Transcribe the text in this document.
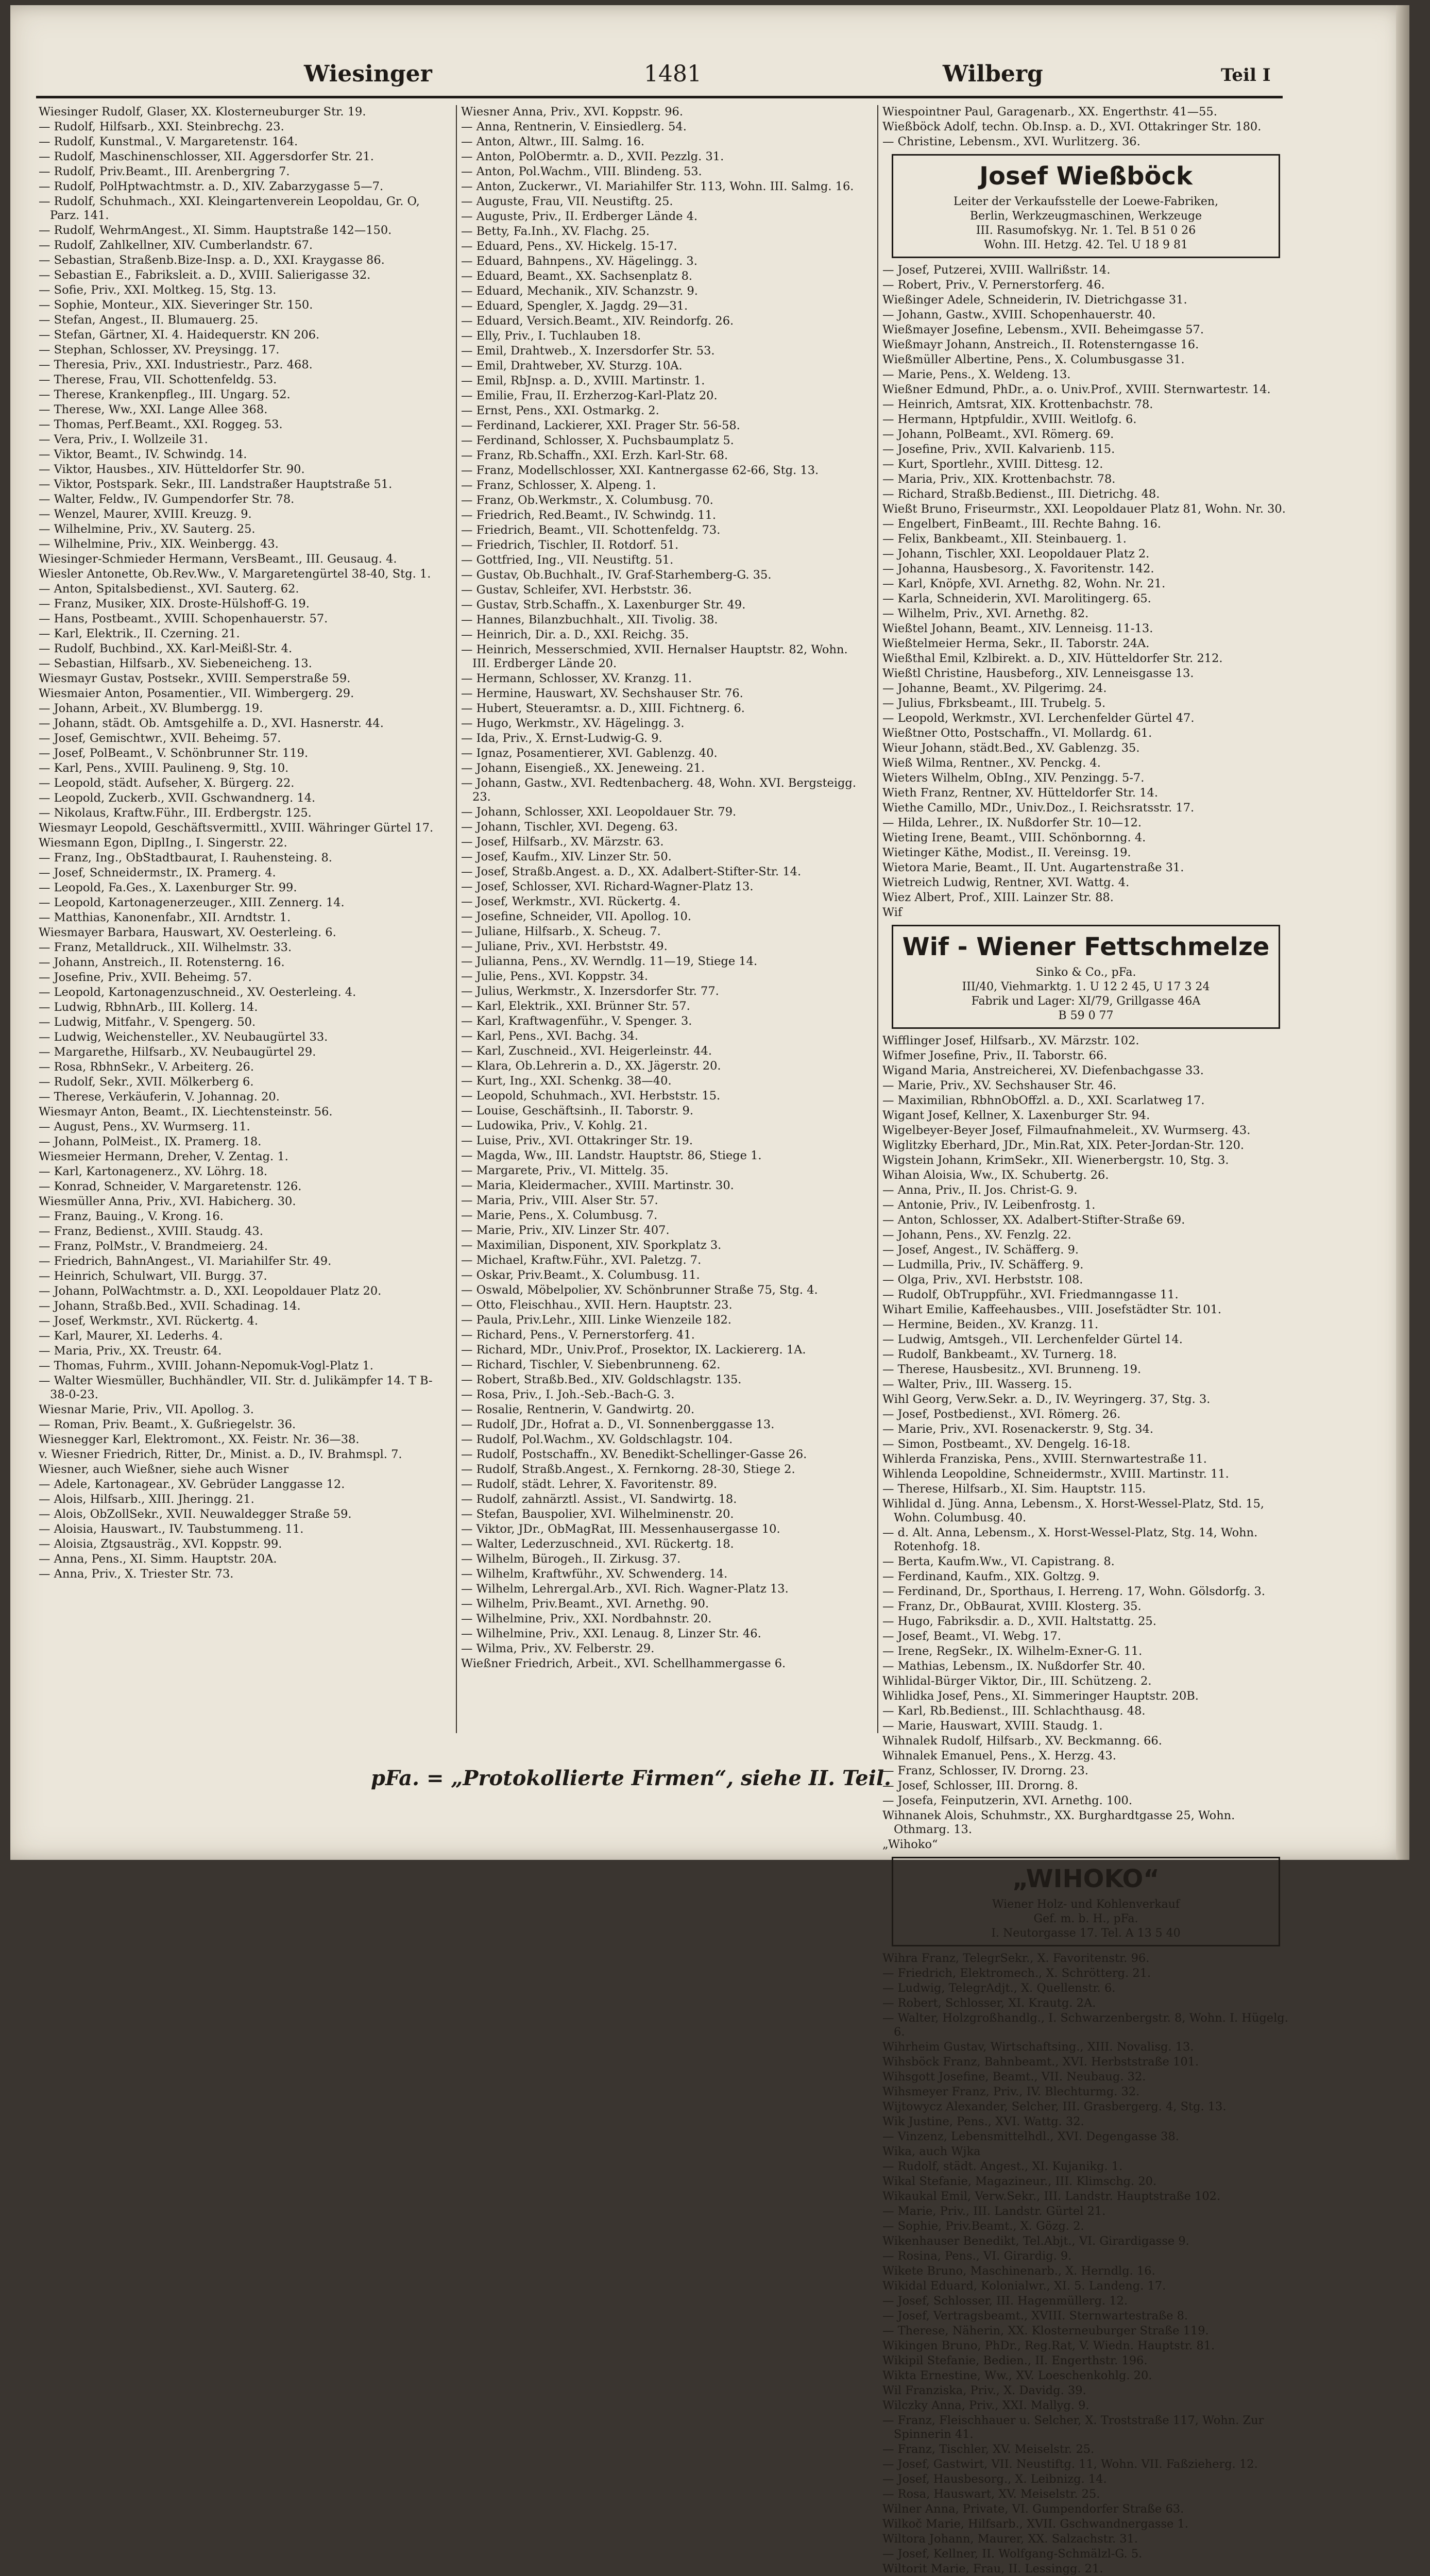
Wiesinger	1481	Wilberg	Teil I

Wiesinger Rudolf, Glaser, XX. Klosterneuburger Str. 19.

— Rudolf, Hilfsarb., XXI. Steinbrechg. 23.

— Rudolf, Kunstmal., V. Margaretenstr. 164.

— Rudolf, Maschinenschlosser, XII. Aggersdorfer Str. 21.

— Rudolf, Priv.Beamt., III. Arenbergring 7.

— Rudolf, PolHptwachtmstr. a. D., XIV. Zabarzygasse 5—7.

— Rudolf, Schuhmach., XXI. Kleingartenverein Leopoldau, Gr. O, Parz. 141.

— Rudolf, WehrmAngest., XI. Simm. Hauptstraße 142—150.

— Rudolf, Zahlkellner, XIV. Cumberlandstr. 67.

— Sebastian, Straßenb.Bize-Insp. a. D., XXI. Kraygasse 86.

— Sebastian E., Fabriksleit. a. D., XVIII. Salierigasse 32.

— Sofie, Priv., XXI. Moltkeg. 15, Stg. 13.

— Sophie, Monteur., XIX. Sieveringer Str. 150.

— Stefan, Angest., II. Blumauerg. 25.

— Stefan, Gärtner, XI. 4. Haidequerstr. KN 206.

— Stephan, Schlosser, XV. Preysingg. 17.

— Theresia, Priv., XXI. Industriestr., Parz. 468.

— Therese, Frau, VII. Schottenfeldg. 53.

— Therese, Krankenpfleg., III. Ungarg. 52.

— Therese, Ww., XXI. Lange Allee 368.

— Thomas, Perf.Beamt., XXI. Roggeg. 53.

— Vera, Priv., I. Wollzeile 31.

— Viktor, Beamt., IV. Schwindg. 14.

— Viktor, Hausbes., XIV. Hütteldorfer Str. 90.

— Viktor, Postspark. Sekr., III. Landstraßer Hauptstraße 51.

— Walter, Feldw., IV. Gumpendorfer Str. 78.

— Wenzel, Maurer, XVIII. Kreuzg. 9.

— Wilhelmine, Priv., XV. Sauterg. 25.

— Wilhelmine, Priv., XIX. Weinbergg. 43.

Wiesinger-Schmieder Hermann, VersBeamt., III. Geusaug. 4.

Wiesler Antonette, Ob.Rev.Ww., V. Margaretengürtel 38-40, Stg. 1.

— Anton, Spitalsbedienst., XVI. Sauterg. 62.

— Franz, Musiker, XIX. Droste-Hülshoff-G. 19.

— Hans, Postbeamt., XVIII. Schopenhauerstr. 57.

— Karl, Elektrik., II. Czerning. 21.

— Rudolf, Buchbind., XX. Karl-Meißl-Str. 4.

— Sebastian, Hilfsarb., XV. Siebeneicheng. 13.

Wiesmayr Gustav, Postsekr., XVIII. Semperstraße 59.

Wiesmaier Anton, Posamentier., VII. Wimbergerg. 29.

— Johann, Arbeit., XV. Blumbergg. 19.

— Johann, städt. Ob. Amtsgehilfe a. D., XVI. Hasnerstr. 44.

— Josef, Gemischtwr., XVII. Beheimg. 57.

— Josef, PolBeamt., V. Schönbrunner Str. 119.

— Karl, Pens., XVIII. Paulineng. 9, Stg. 10.

— Leopold, städt. Aufseher, X. Bürgerg. 22.

— Leopold, Zuckerb., XVII. Gschwandnerg. 14.

— Nikolaus, Kraftw.Führ., III. Erdbergstr. 125.

Wiesmayr Leopold, Geschäftsvermittl., XVIII. Währinger Gürtel 17.

Wiesmann Egon, DiplIng., I. Singerstr. 22.

— Franz, Ing., ObStadtbaurat, I. Rauhensteing. 8.

— Josef, Schneidermstr., IX. Pramerg. 4.

— Leopold, Fa.Ges., X. Laxenburger Str. 99.

— Leopold, Kartonagenerzeuger., XIII. Zennerg. 14.

— Matthias, Kanonenfabr., XII. Arndtstr. 1.

Wiesmayer Barbara, Hauswart, XV. Oesterleing. 6.

— Franz, Metalldruck., XII. Wilhelmstr. 33.

— Johann, Anstreich., II. Rotensterng. 16.

— Josefine, Priv., XVII. Beheimg. 57.

— Leopold, Kartonagenzuschneid., XV. Oesterleing. 4.

— Ludwig, RbhnArb., III. Kollerg. 14.

— Ludwig, Mitfahr., V. Spengerg. 50.

— Ludwig, Weichensteller., XV. Neubaugürtel 33.

— Margarethe, Hilfsarb., XV. Neubaugürtel 29.

— Rosa, RbhnSekr., V. Arbeiterg. 26.

— Rudolf, Sekr., XVII. Mölkerberg 6.

— Therese, Verkäuferin, V. Johannag. 20.

Wiesmayr Anton, Beamt., IX. Liechtensteinstr. 56.

— August, Pens., XV. Wurmserg. 11.

— Johann, PolMeist., IX. Pramerg. 18.

Wiesmeier Hermann, Dreher, V. Zentag. 1.

— Karl, Kartonagenerz., XV. Löhrg. 18.

— Konrad, Schneider, V. Margaretenstr. 126.

Wiesmüller Anna, Priv., XVI. Habicherg. 30.

— Franz, Bauing., V. Krong. 16.

— Franz, Bedienst., XVIII. Staudg. 43.

— Franz, PolMstr., V. Brandmeierg. 24.

— Friedrich, BahnAngest., VI. Mariahilfer Str. 49.

— Heinrich, Schulwart, VII. Burgg. 37.

— Johann, PolWachtmstr. a. D., XXI. Leopoldauer Platz 20.

— Johann, Straßb.Bed., XVII. Schadinag. 14.

— Josef, Werkmstr., XVI. Rückertg. 4.

— Karl, Maurer, XI. Lederhs. 4.

— Maria, Priv., XX. Treustr. 64.

— Thomas, Fuhrm., XVIII. Johann-Nepomuk-Vogl-Platz 1.

— Walter Wiesmüller, Buchhändler, VII. Str. d. Julikämpfer 14. T B-38-0-23.

Wiesnar Marie, Priv., VII. Apollog. 3.

— Roman, Priv. Beamt., X. Gußriegelstr. 36.

Wiesnegger Karl, Elektromont., XX. Feistr. Nr. 36—38.

v. Wiesner Friedrich, Ritter, Dr., Minist. a. D., IV. Brahmspl. 7.

Wiesner, auch Wießner, siehe auch Wisner

— Adele, Kartonagear., XV. Gebrüder Langgasse 12.

— Alois, Hilfsarb., XIII. Jheringg. 21.

— Alois, ObZollSekr., XVII. Neuwaldegger Straße 59.

— Aloisia, Hauswart., IV. Taubstummeng. 11.

— Aloisia, Ztgsausträg., XVI. Koppstr. 99.

— Anna, Pens., XI. Simm. Hauptstr. 20A.

— Anna, Priv., X. Triester Str. 73.

Wiesner Anna, Priv., XVI. Koppstr. 96.

— Anna, Rentnerin, V. Einsiedlerg. 54.

— Anton, Altwr., III. Salmg. 16.

— Anton, PolObermtr. a. D., XVII. Pezzlg. 31.

— Anton, Pol.Wachm., VIII. Blindeng. 53.

— Anton, Zuckerwr., VI. Mariahilfer Str. 113, Wohn. III. Salmg. 16.

— Auguste, Frau, VII. Neustiftg. 25.

— Auguste, Priv., II. Erdberger Lände 4.

— Betty, Fa.Inh., XV. Flachg. 25.

— Eduard, Pens., XV. Hickelg. 15-17.

— Eduard, Bahnpens., XV. Hägelingg. 3.

— Eduard, Beamt., XX. Sachsenplatz 8.

— Eduard, Mechanik., XIV. Schanzstr. 9.

— Eduard, Spengler, X. Jagdg. 29—31.

— Eduard, Versich.Beamt., XIV. Reindorfg. 26.

— Elly, Priv., I. Tuchlauben 18.

— Emil, Drahtweb., X. Inzersdorfer Str. 53.

— Emil, Drahtweber, XV. Sturzg. 10A.

— Emil, RbJnsp. a. D., XVIII. Martinstr. 1.

— Emilie, Frau, II. Erzherzog-Karl-Platz 20.

— Ernst, Pens., XXI. Ostmarkg. 2.

— Ferdinand, Lackierer, XXI. Prager Str. 56-58.

— Ferdinand, Schlosser, X. Puchsbaumplatz 5.

— Franz, Rb.Schaffn., XXI. Erzh. Karl-Str. 68.

— Franz, Modellschlosser, XXI. Kantnergasse 62-66, Stg. 13.

— Franz, Schlosser, X. Alpeng. 1.

— Franz, Ob.Werkmstr., X. Columbusg. 70.

— Friedrich, Red.Beamt., IV. Schwindg. 11.

— Friedrich, Beamt., VII. Schottenfeldg. 73.

— Friedrich, Tischler, II. Rotdorf. 51.

— Gottfried, Ing., VII. Neustiftg. 51.

— Gustav, Ob.Buchhalt., IV. Graf-Starhemberg-G. 35.

— Gustav, Schleifer, XVI. Herbststr. 36.

— Gustav, Strb.Schaffn., X. Laxenburger Str. 49.

— Hannes, Bilanzbuchhalt., XII. Tivolig. 38.

— Heinrich, Dir. a. D., XXI. Reichg. 35.

— Heinrich, Messerschmied, XVII. Hernalser Hauptstr. 82, Wohn. III. Erdberger Lände 20.

— Hermann, Schlosser, XV. Kranzg. 11.

— Hermine, Hauswart, XV. Sechshauser Str. 76.

— Hubert, Steueramtsr. a. D., XIII. Fichtnerg. 6.

— Hugo, Werkmstr., XV. Hägelingg. 3.

— Ida, Priv., X. Ernst-Ludwig-G. 9.

— Ignaz, Posamentierer, XVI. Gablenzg. 40.

— Johann, Eisengieß., XX. Jeneweing. 21.

— Johann, Gastw., XVI. Redtenbacherg. 48, Wohn. XVI. Bergsteigg. 23.

— Johann, Schlosser, XXI. Leopoldauer Str. 79.

— Johann, Tischler, XVI. Degeng. 63.

— Josef, Hilfsarb., XV. Märzstr. 63.

— Josef, Kaufm., XIV. Linzer Str. 50.

— Josef, Straßb.Angest. a. D., XX. Adalbert-Stifter-Str. 14.

— Josef, Schlosser, XVI. Richard-Wagner-Platz 13.

— Josef, Werkmstr., XVI. Rückertg. 4.

— Josefine, Schneider, VII. Apollog. 10.

— Juliane, Hilfsarb., X. Scheug. 7.

— Juliane, Priv., XVI. Herbststr. 49.

— Julianna, Pens., XV. Werndlg. 11—19, Stiege 14.

— Julie, Pens., XVI. Koppstr. 34.

— Julius, Werkmstr., X. Inzersdorfer Str. 77.

— Karl, Elektrik., XXI. Brünner Str. 57.

— Karl, Kraftwagenführ., V. Spenger. 3.

— Karl, Pens., XVI. Bachg. 34.

— Karl, Zuschneid., XVI. Heigerleinstr. 44.

— Klara, Ob.Lehrerin a. D., XX. Jägerstr. 20.

— Kurt, Ing., XXI. Schenkg. 38—40.

— Leopold, Schuhmach., XVI. Herbststr. 15.

— Louise, Geschäftsinh., II. Taborstr. 9.

— Ludowika, Priv., V. Kohlg. 21.

— Luise, Priv., XVI. Ottakringer Str. 19.

— Magda, Ww., III. Landstr. Hauptstr. 86, Stiege 1.

— Margarete, Priv., VI. Mittelg. 35.

— Maria, Kleidermacher., XVIII. Martinstr. 30.

— Maria, Priv., VIII. Alser Str. 57.

— Marie, Pens., X. Columbusg. 7.

— Marie, Priv., XIV. Linzer Str. 407.

— Maximilian, Disponent, XIV. Sporkplatz 3.

— Michael, Kraftw.Führ., XVI. Paletzg. 7.

— Oskar, Priv.Beamt., X. Columbusg. 11.

— Oswald, Möbelpolier, XV. Schönbrunner Straße 75, Stg. 4.

— Otto, Fleischhau., XVII. Hern. Hauptstr. 23.

— Paula, Priv.Lehr., XIII. Linke Wienzeile 182.

— Richard, Pens., V. Pernerstorferg. 41.

— Richard, MDr., Univ.Prof., Prosektor, IX. Lackiererg. 1A.

— Richard, Tischler, V. Siebenbrunneng. 62.

— Robert, Straßb.Bed., XIV. Goldschlagstr. 135.

— Rosa, Priv., I. Joh.-Seb.-Bach-G. 3.

— Rosalie, Rentnerin, V. Gandwirtg. 20.

— Rudolf, JDr., Hofrat a. D., VI. Sonnenberggasse 13.

— Rudolf, Pol.Wachm., XV. Goldschlagstr. 104.

— Rudolf, Postschaffn., XV. Benedikt-Schellinger-Gasse 26.

— Rudolf, Straßb.Angest., X. Fernkorng. 28-30, Stiege 2.

— Rudolf, städt. Lehrer, X. Favoritenstr. 89.

— Rudolf, zahnärztl. Assist., VI. Sandwirtg. 18.

— Stefan, Bauspolier, XVI. Wilhelminenstr. 20.

— Viktor, JDr., ObMagRat, III. Messenhausergasse 10.

— Walter, Lederzuschneid., XVI. Rückertg. 18.

— Wilhelm, Bürogeh., II. Zirkusg. 37.

— Wilhelm, Kraftwführ., XV. Schwenderg. 14.

— Wilhelm, Lehrergal.Arb., XVI. Rich. Wagner-Platz 13.

— Wilhelm, Priv.Beamt., XVI. Arnethg. 90.

— Wilhelmine, Priv., XXI. Nordbahnstr. 20.

— Wilhelmine, Priv., XXI. Lenaug. 8, Linzer Str. 46.

— Wilma, Priv., XV. Felberstr. 29.

Wießner Friedrich, Arbeit., XVI. Schellhammergasse 6.

Wiespointner Paul, Garagenarb., XX. Engerthstr. 41—55.

Wießböck Adolf, techn. Ob.Insp. a. D., XVI. Ottakringer Str. 180.

— Christine, Lebensm., XVI. Wurlitzerg. 36.

Josef Wießböck
Leiter der Verkaufsstelle der Loewe-Fabriken,
Berlin, Werkzeugmaschinen, Werkzeuge
III. Rasumofskyg. Nr. 1. Tel. B 51 0 26
Wohn. III. Hetzg. 42. Tel. U 18 9 81

— Josef, Putzerei, XVIII. Wallrißstr. 14.

— Robert, Priv., V. Pernerstorferg. 46.

Wießinger Adele, Schneiderin, IV. Dietrichgasse 31.

— Johann, Gastw., XVIII. Schopenhauerstr. 40.

Wießmayer Josefine, Lebensm., XVII. Beheimgasse 57.

Wießmayr Johann, Anstreich., II. Rotensterngasse 16.

Wießmüller Albertine, Pens., X. Columbusgasse 31.

— Marie, Pens., X. Weldeng. 13.

Wießner Edmund, PhDr., a. o. Univ.Prof., XVIII. Sternwartestr. 14.

— Heinrich, Amtsrat, XIX. Krottenbachstr. 78.

— Hermann, Hptpfuldir., XVIII. Weitlofg. 6.

— Johann, PolBeamt., XVI. Römerg. 69.

— Josefine, Priv., XVII. Kalvarienb. 115.

— Kurt, Sportlehr., XVIII. Dittesg. 12.

— Maria, Priv., XIX. Krottenbachstr. 78.

— Richard, Straßb.Bedienst., III. Dietrichg. 48.

Wießt Bruno, Friseurmstr., XXI. Leopoldauer Platz 81, Wohn. Nr. 30.

— Engelbert, FinBeamt., III. Rechte Bahng. 16.

— Felix, Bankbeamt., XII. Steinbauerg. 1.

— Johann, Tischler, XXI. Leopoldauer Platz 2.

— Johanna, Hausbesorg., X. Favoritenstr. 142.

— Karl, Knöpfe, XVI. Arnethg. 82, Wohn. Nr. 21.

— Karla, Schneiderin, XVI. Marolitingerg. 65.

— Wilhelm, Priv., XVI. Arnethg. 82.

Wießtel Johann, Beamt., XIV. Lenneisg. 11-13.

Wießtelmeier Herma, Sekr., II. Taborstr. 24A.

Wießthal Emil, Kzlbirekt. a. D., XIV. Hütteldorfer Str. 212.

Wießtl Christine, Hausbeforg., XIV. Lenneisgasse 13.

— Johanne, Beamt., XV. Pilgerimg. 24.

— Julius, Fbrksbeamt., III. Trubelg. 5.

— Leopold, Werkmstr., XVI. Lerchenfelder Gürtel 47.

Wießtner Otto, Postschaffn., VI. Mollardg. 61.

Wieur Johann, städt.Bed., XV. Gablenzg. 35.

Wieß Wilma, Rentner., XV. Penckg. 4.

Wieters Wilhelm, ObIng., XIV. Penzingg. 5-7.

Wieth Franz, Rentner, XV. Hütteldorfer Str. 14.

Wiethe Camillo, MDr., Univ.Doz., I. Reichsratsstr. 17.

— Hilda, Lehrer., IX. Nußdorfer Str. 10—12.

Wieting Irene, Beamt., VIII. Schönbornng. 4.

Wietinger Käthe, Modist., II. Vereinsg. 19.

Wietora Marie, Beamt., II. Unt. Augartenstraße 31.

Wietreich Ludwig, Rentner, XVI. Wattg. 4.

Wiez Albert, Prof., XIII. Lainzer Str. 88.

Wif

Wif - Wiener Fettschmelze
Sinko & Co., pFa.
III/40, Viehmarktg. 1. U 12 2 45, U 17 3 24
Fabrik und Lager: XI/79, Grillgasse 46A
B 59 0 77

Wifflinger Josef, Hilfsarb., XV. Märzstr. 102.

Wifmer Josefine, Priv., II. Taborstr. 66.

Wigand Maria, Anstreicherei, XV. Diefenbachgasse 33.

— Marie, Priv., XV. Sechshauser Str. 46.

— Maximilian, RbhnObOffzl. a. D., XXI. Scarlatweg 17.

Wigant Josef, Kellner, X. Laxenburger Str. 94.

Wigelbeyer-Beyer Josef, Filmaufnahmeleit., XV. Wurmserg. 43.

Wiglitzky Eberhard, JDr., Min.Rat, XIX. Peter-Jordan-Str. 120.

Wigstein Johann, KrimSekr., XII. Wienerbergstr. 10, Stg. 3.

Wihan Aloisia, Ww., IX. Schubertg. 26.

— Anna, Priv., II. Jos. Christ-G. 9.

— Antonie, Priv., IV. Leibenfrostg. 1.

— Anton, Schlosser, XX. Adalbert-Stifter-Straße 69.

— Johann, Pens., XV. Fenzlg. 22.

— Josef, Angest., IV. Schäfferg. 9.

— Ludmilla, Priv., IV. Schäfferg. 9.

— Olga, Priv., XVI. Herbststr. 108.

— Rudolf, ObTruppführ., XVI. Friedmanngasse 11.

Wihart Emilie, Kaffeehausbes., VIII. Josefstädter Str. 101.

— Hermine, Beiden., XV. Kranzg. 11.

— Ludwig, Amtsgeh., VII. Lerchenfelder Gürtel 14.

— Rudolf, Bankbeamt., XV. Turnerg. 18.

— Therese, Hausbesitz., XVI. Brunneng. 19.

— Walter, Priv., III. Wasserg. 15.

Wihl Georg, Verw.Sekr. a. D., IV. Weyringerg. 37, Stg. 3.

— Josef, Postbedienst., XVI. Römerg. 26.

— Marie, Priv., XVI. Rosenackerstr. 9, Stg. 34.

— Simon, Postbeamt., XV. Dengelg. 16-18.

Wihlerda Franziska, Pens., XVIII. Sternwartestraße 11.

Wihlenda Leopoldine, Schneidermstr., XVIII. Martinstr. 11.

— Therese, Hilfsarb., XI. Sim. Hauptstr. 115.

Wihlidal d. Jüng. Anna, Lebensm., X. Horst-Wessel-Platz, Std. 15, Wohn. Columbusg. 40.

— d. Alt. Anna, Lebensm., X. Horst-Wessel-Platz, Stg. 14, Wohn. Rotenhofg. 18.

— Berta, Kaufm.Ww., VI. Capistrang. 8.

— Ferdinand, Kaufm., XIX. Goltzg. 9.

— Ferdinand, Dr., Sporthaus, I. Herreng. 17, Wohn. Gölsdorfg. 3.

— Franz, Dr., ObBaurat, XVIII. Klosterg. 35.

— Hugo, Fabriksdir. a. D., XVII. Haltstattg. 25.

— Josef, Beamt., VI. Webg. 17.

— Irene, RegSekr., IX. Wilhelm-Exner-G. 11.

— Mathias, Lebensm., IX. Nußdorfer Str. 40.

Wihlidal-Bürger Viktor, Dir., III. Schützeng. 2.

Wihlidka Josef, Pens., XI. Simmeringer Hauptstr. 20B.

— Karl, Rb.Bedienst., III. Schlachthausg. 48.

— Marie, Hauswart, XVIII. Staudg. 1.

Wihnalek Rudolf, Hilfsarb., XV. Beckmanng. 66.

Wihnalek Emanuel, Pens., X. Herzg. 43.

— Franz, Schlosser, IV. Drorng. 23.

— Josef, Schlosser, III. Drorng. 8.

— Josefa, Feinputzerin, XVI. Arnethg. 100.

Wihnanek Alois, Schuhmstr., XX. Burghardtgasse 25, Wohn. Othmarg. 13.

„Wihoko“

„WIHOKO“
Wiener Holz- und Kohlenverkauf
Gef. m. b. H., pFa.
I. Neutorgasse 17. Tel. A 13 5 40

Wihra Franz, TelegrSekr., X. Favoritenstr. 96.

— Friedrich, Elektromech., X. Schrötterg. 21.

— Ludwig, TelegrAdjt., X. Quellenstr. 6.

— Robert, Schlosser, XI. Krautg. 2A.

— Walter, Holzgroßhandlg., I. Schwarzenbergstr. 8, Wohn. I. Hügelg. 6.

Wihrheim Gustav, Wirtschaftsing., XIII. Novalisg. 13.

Wihsböck Franz, Bahnbeamt., XVI. Herbststraße 101.

Wihsgott Josefine, Beamt., VII. Neubaug. 32.

Wihsmeyer Franz, Priv., IV. Blechturmg. 32.

Wijtowycz Alexander, Selcher, III. Grasbergerg. 4, Stg. 13.

Wik Justine, Pens., XVI. Wattg. 32.

— Vinzenz, Lebensmittelhdl., XVI. Degengasse 38.

Wika, auch Wjka

— Rudolf, städt. Angest., XI. Kujanikg. 1.

Wikal Stefanie, Magazineur., III. Klimschg. 20.

Wikaukal Emil, Verw.Sekr., III. Landstr. Hauptstraße 102.

— Marie, Priv., III. Landstr. Gürtel 21.

— Sophie, Priv.Beamt., X. Gözg. 2.

Wikenhauser Benedikt, Tel.Abjt., VI. Girardigasse 9.

— Rosina, Pens., VI. Girardig. 9.

Wikete Bruno, Maschinenarb., X. Herndlg. 16.

Wikidal Eduard, Kolonialwr., XI. 5. Landeng. 17.

— Josef, Schlosser, III. Hagenmüllerg. 12.

— Josef, Vertragsbeamt., XVIII. Sternwartestraße 8.

— Therese, Näherin, XX. Klosterneuburger Straße 119.

Wikingen Bruno, PhDr., Reg.Rat, V. Wiedn. Hauptstr. 81.

Wikipil Stefanie, Bedien., II. Engerthstr. 196.

Wikta Ernestine, Ww., XV. Loeschenkohlg. 20.

Wil Franziska, Priv., X. Davidg. 39.

Wilczky Anna, Priv., XXI. Mallyg. 9.

— Franz, Fleischhauer u. Selcher, X. Troststraße 117, Wohn. Zur Spinnerin 41.

— Franz, Tischler, XV. Meiselstr. 25.

— Josef, Gastwirt, VII. Neustiftg. 11, Wohn. VII. Faßzieherg. 12.

— Josef, Hausbesorg., X. Leibnizg. 14.

— Rosa, Hauswart, XV. Meiselstr. 25.

Wilner Anna, Private, VI. Gumpendorfer Straße 63.

Wilkoč Marie, Hilfsarb., XVII. Gschwandnergasse 1.

Wiltora Johann, Maurer, XX. Salzachstr. 31.

— Josef, Kellner, II. Wolfgang-Schmälzl-G. 5.

Wiltorit Marie, Frau, II. Lessingg. 21.

pFa. = „Protokollierte Firmen“, siehe II. Teil.
